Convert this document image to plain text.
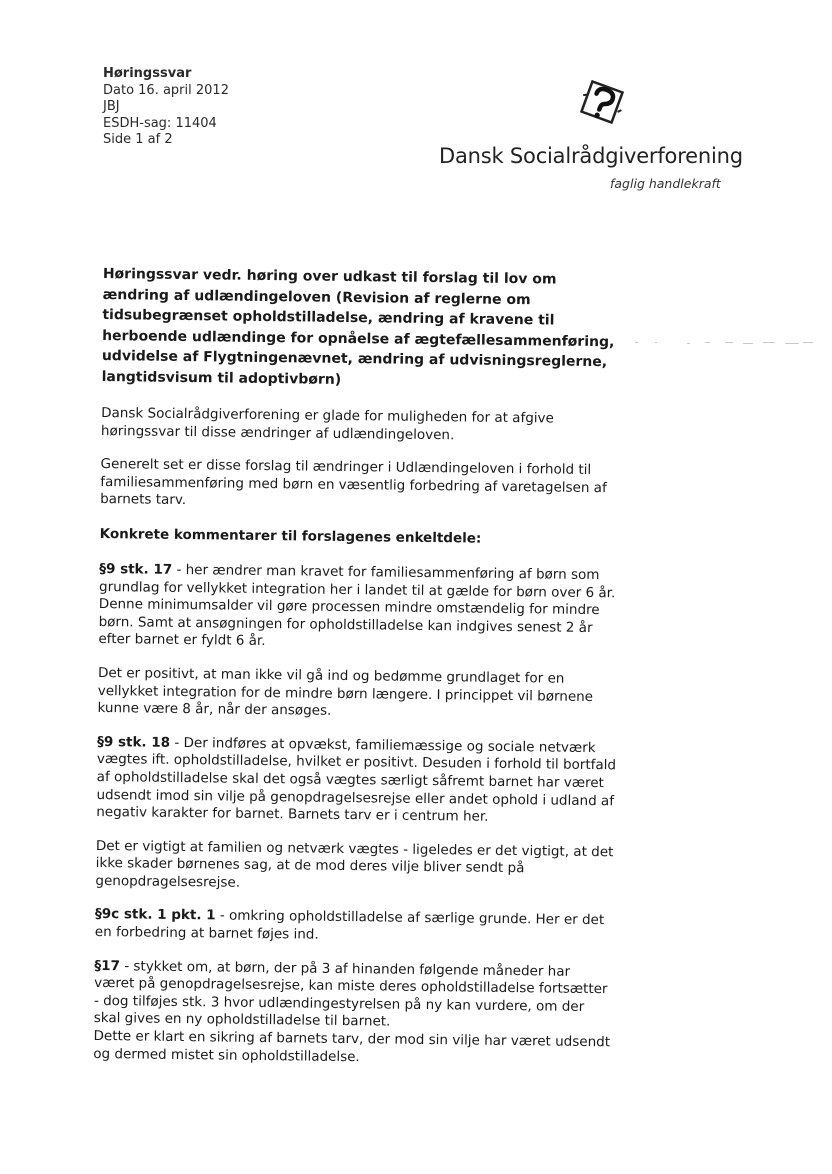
Høringssvar
Dato 16. april 2012
JBJ
ESDH-sag: 11404
Side 1 af 2
Dansk Socialrådgiverforening
faglig handlekraft
Høringssvar vedr. høring over udkast til forslag til lov om ændring af udlændingeloven (Revision af reglerne om tidsubegrænset opholdstilladelse, ændring af kravene til herboende udlændinge for opnåelse af ægtefællesammenføring, udvidelse af Flygtningenævnet, ændring af udvisningsreglerne, langtidsvisum til adoptivbørn)

Dansk Socialrådgiverforening er glade for muligheden for at afgive høringssvar til disse ændringer af udlændingeloven.

Generelt set er disse forslag til ændringer i Udlændingeloven i forhold til familiesammenføring med børn en væsentlig forbedring af varetagelsen af barnets tarv.

Konkrete kommentarer til forslagenes enkeltdele:

§9 stk. 17 - her ændrer man kravet for familiesammenføring af børn som grundlag for vellykket integration her i landet til at gælde for børn over 6 år. Denne minimumsalder vil gøre processen mindre omstændelig for mindre børn. Samt at ansøgningen for opholdstilladelse kan indgives senest 2 år efter barnet er fyldt 6 år.

Det er positivt, at man ikke vil gå ind og bedømme grundlaget for en vellykket integration for de mindre børn længere. I princippet vil børnene kunne være 8 år, når der ansøges.

§9 stk. 18 - Der indføres at opvækst, familiemæssige og sociale netværk vægtes ift. opholdstilladelse, hvilket er positivt. Desuden i forhold til bortfald af opholdstilladelse skal det også vægtes særligt såfremt barnet har været udsendt imod sin vilje på genopdragelsesrejse eller andet ophold i udland af negativ karakter for barnet. Barnets tarv er i centrum her.

Det er vigtigt at familien og netværk vægtes - ligeledes er det vigtigt, at det ikke skader børnenes sag, at de mod deres vilje bliver sendt på genopdragelsesrejse.

§9c stk. 1 pkt. 1 - omkring opholdstilladelse af særlige grunde. Her er det en forbedring at barnet føjes ind.

§17 - stykket om, at børn, der på 3 af hinanden følgende måneder har været på genopdragelsesrejse, kan miste deres opholdstilladelse fortsætter - dog tilføjes stk. 3 hvor udlændingestyrelsen på ny kan vurdere, om der skal gives en ny opholdstilladelse til barnet.
Dette er klart en sikring af barnets tarv, der mod sin vilje har været udsendt og dermed mistet sin opholdstilladelse.
